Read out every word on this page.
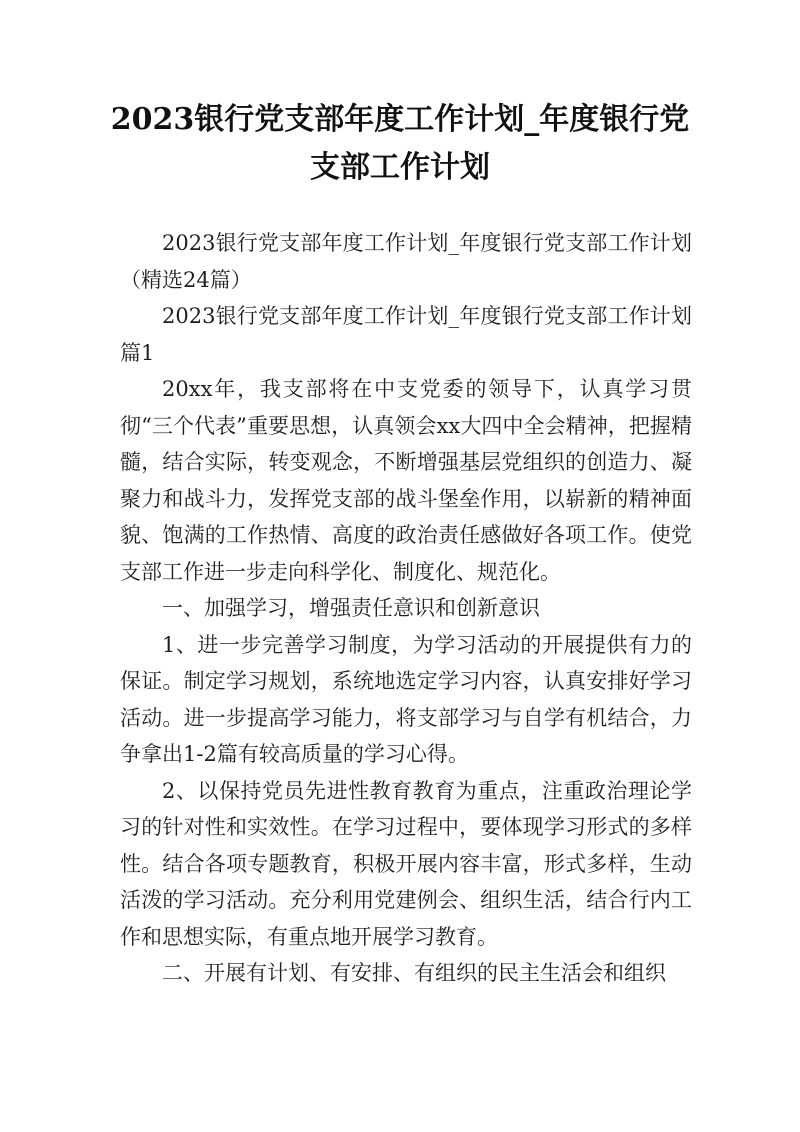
2023银行党支部年度工作计划_年度银行党支部工作计划

2023银行党支部年度工作计划_年度银行党支部工作计划（精选24篇）

2023银行党支部年度工作计划_年度银行党支部工作计划 篇1

20xx年，我支部将在中支党委的领导下，认真学习贯彻“三个代表”重要思想，认真领会xx大四中全会精神，把握精髓，结合实际，转变观念，不断增强基层党组织的创造力、凝聚力和战斗力，发挥党支部的战斗堡垒作用，以崭新的精神面貌、饱满的工作热情、高度的政治责任感做好各项工作。使党支部工作进一步走向科学化、制度化、规范化。

一、加强学习，增强责任意识和创新意识

1、进一步完善学习制度，为学习活动的开展提供有力的保证。制定学习规划，系统地选定学习内容，认真安排好学习活动。进一步提高学习能力，将支部学习与自学有机结合，力争拿出1-2篇有较高质量的学习心得。

2、以保持党员先进性教育教育为重点，注重政治理论学习的针对性和实效性。在学习过程中，要体现学习形式的多样性。结合各项专题教育，积极开展内容丰富，形式多样，生动活泼的学习活动。充分利用党建例会、组织生活，结合行内工作和思想实际，有重点地开展学习教育。

二、开展有计划、有安排、有组织的民主生活会和组织
